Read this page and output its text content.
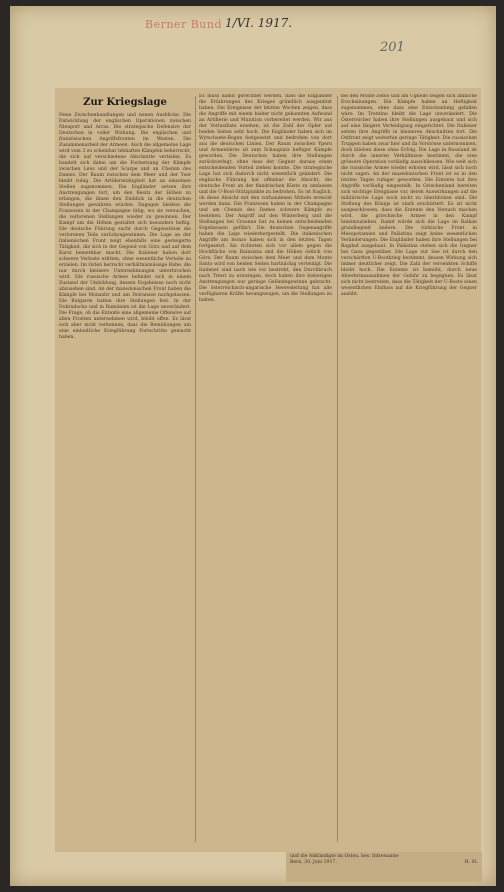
Berner Bund 1/VI. 1917.
201
Zur Kriegslage

Neue Zwischenhandlungen und neuen Ausblicke. Die Entwicklung der englischen Operationen zwischen Nieuport und Arras. Die strategische Defensive der Deutschen in voller Wirkung. Die englischen und französischen Angriffsfronten im Westen. Die Zusammenarbeit der Armeen. Auch die allgemeine Lage wird vom 3 zu scheinbar lebhaften Kämpfen beherrscht, die sich auf verschiedene Abschnitte verteilen. Es handelt sich dabei um die Fortsetzung der Kämpfe zwischen Lens und der Scarpe und an Chemin des Dames. Der Raum zwischen dem Meer und der Yser bleibt ruhig. Die Artillerietätigkeit hat an einzelnen Stellen zugenommen. Die Engländer setzen ihre Anstrengungen fort, um den Besitz der Höhen zu erlangen, die ihnen den Einblick in die deutschen Stellungen gewähren würden. Dagegen bleiben die Franzosen in der Champagne tätig, wo sie versuchen, die verlorenen Stellungen wieder zu gewinnen. Der Kampf um die Höhen gestaltet sich besonders heftig. Die deutsche Führung sucht durch Gegenstösse die verlorenen Teile zurückzugewinnen. Die Lage an der italienischen Front zeigt ebenfalls eine gesteigerte Tätigkeit, die sich in der Gegend von Görz und auf dem Karst bemerkbar macht. Die Italiener haben dort schwere Verluste erlitten, ohne wesentliche Vorteile zu erzielen. Im Osten herrscht verhältnismässige Ruhe, die nur durch kleinere Unternehmungen unterbrochen wird. Die russische Armee befindet sich in einem Zustand der Umbildung, dessen Ergebnisse noch nicht abzusehen sind. An der mazedonischen Front haben die Kämpfe bei Monastir und am Doiransee nachgelassen. Die Bulgaren halten ihre Stellungen fest. In der Dobrudscha und in Rumänien ist die Lage unverändert. Die Frage, ob die Entente eine allgemeine Offensive auf allen Fronten unternehmen wird, bleibt offen. Es lässt sich aber nicht verkennen, dass die Bemühungen um eine einheitliche Kriegführung Fortschritte gemacht haben.

Es muss damit gerechnet werden, dass die Engländer die Erfahrungen des Krieges gründlich ausgenützt haben. Die Ereignisse der letzten Wochen zeigen, dass die Angriffe mit einem bisher nicht gekannten Aufwand an Artillerie und Munition vorbereitet werden. Wir aus der Verlustliste ersehen, ist die Zahl der Opfer auf beiden Seiten sehr hoch. Die Engländer haben sich im Wytschaete-Bogen festgesetzt und bedrohen von dort aus die deutschen Linien. Der Raum zwischen Ypern und Armentières ist zum Schauplatz heftiger Kämpfe geworden. Die Deutschen haben ihre Stellungen zurückverlegt, ohne dass der Gegner daraus einen entscheidenden Vorteil ziehen konnte. Die strategische Lage hat sich dadurch nicht wesentlich geändert. Die englische Führung hat offenbar die Absicht, die deutsche Front an der flandrischen Küste zu umfassen und die U-Boot-Stützpunkte zu bedrohen. Es ist fraglich, ob diese Absicht mit den vorhandenen Mitteln erreicht werden kann. Die Franzosen haben in der Champagne und am Chemin des Dames schwere Kämpfe zu bestehen. Der Angriff auf den Winterberg und die Stellungen bei Craonne hat zu keinen entscheidenden Ergebnissen geführt. Die deutschen Gegenangriffe haben die Lage wiederhergestellt. Die italienischen Angriffe am Isonzo haben sich in den letzten Tagen fortgesetzt. Sie richteten sich vor allem gegen die Hochfläche von Bainsizza und die Höhen östlich von Görz. Der Raum zwischen dem Meer und dem Monte Santo wird von beiden Seiten hartnäckig verteidigt. Die Italiener sind nach wie vor bestrebt, den Durchbruch nach Triest zu erzwingen, doch haben ihre bisherigen Anstrengungen nur geringe Geländegewinne gebracht. Die österreichisch-ungarische Heeresleitung hat alle verfügbaren Kräfte herangezogen, um die Stellungen zu halten.

bei den Monte Zebio und am Ugnello zeigen sich ähnliche Erscheinungen. Die Kämpfe haben an Heftigkeit zugenommen, ohne dass eine Entscheidung gefallen wäre. Im Trentino bleibt die Lage unverändert. Die Österreicher haben ihre Stellungen ausgebaut und sich auf eine längere Verteidigung eingerichtet. Die Italiener setzen ihre Angriffe in kleineren Abschnitten fort. Die Ostfront zeigt weiterhin geringe Tätigkeit. Die russischen Truppen haben zwar hier und da Vorstösse unternommen, doch blieben diese ohne Erfolg. Die Lage in Russland ist durch die inneren Verhältnisse bestimmt, die eine grössere Operation vorläufig ausschliessen. Wie weit sich die russische Armee wieder erholen wird, lässt sich noch nicht sagen. An der mazedonischen Front ist es in den letzten Tagen ruhiger geworden. Die Entente hat ihre Angriffe vorläufig eingestellt. In Griechenland bereiten sich wichtige Ereignisse vor, deren Auswirkungen auf die militärische Lage noch nicht zu überblicken sind. Die Stellung des Königs ist stark erschüttert. Es ist nicht ausgeschlossen, dass die Entente den Versuch machen wird, die griechische Armee in den Kampf hineinzuziehen. Damit würde sich die Lage im Balkan grundlegend ändern. Die türkische Front in Mesopotamien und Palästina zeigt keine wesentlichen Veränderungen. Die Engländer haben ihre Stellungen bei Bagdad ausgebaut. In Palästina stehen sich die Gegner bei Gaza gegenüber. Die Lage zur See ist durch den verschärften U-Bootkrieg bestimmt, dessen Wirkung sich immer deutlicher zeigt. Die Zahl der versenkten Schiffe bleibt hoch. Die Entente ist bemüht, durch neue Abwehrmassnahmen der Gefahr zu begegnen. Es lässt sich nicht bestreiten, dass die Tätigkeit der U-Boote einen wesentlichen Einfluss auf die Kriegführung der Gegner ausübt.

und die Ankündigte im Osten, bes. Intressante
Bern, 30. Juni 1917.	H. St.
